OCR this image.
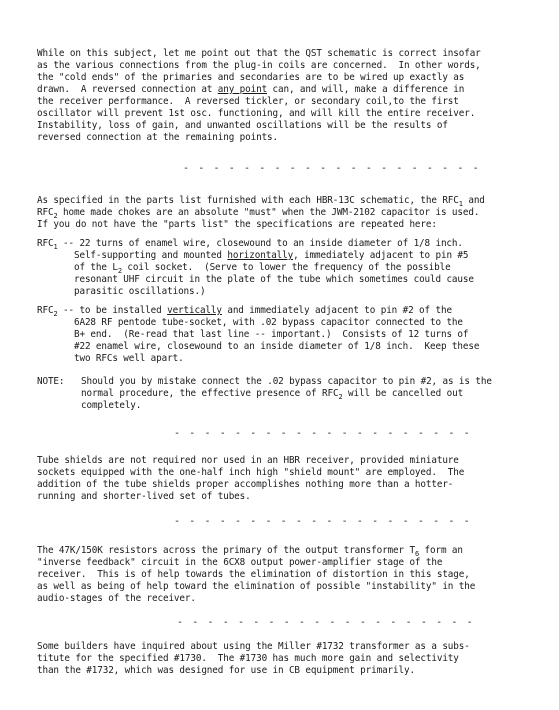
While on this subject, let me point out that the QST schematic is correct insofar
as the various connections from the plug-in coils are concerned.  In other words,
the "cold ends" of the primaries and secondaries are to be wired up exactly as
drawn.  A reversed connection at any point can, and will, make a difference in
the receiver performance.  A reversed tickler, or secondary coil,to the first
oscillator will prevent 1st osc. functioning, and will kill the entire receiver.
Instability, loss of gain, and unwanted oscillations will be the results of
reversed connection at the remaining points.
- - - - - - - - - - - - - - - - - - - -
As specified in the parts list furnished with each HBR-13C schematic, the $RFC_1$ and
$RFC_2$ home made chokes are an absolute "must" when the JWM-2102 capacitor is used.
If you do not have the "parts list" the specifications are repeated here:
$RFC_1 -- 22$ turns of enamel wire, closewound to an inside diameter of 1/8 inch.
Self-supporting and mounted horizontally, immediately adjacent to pin #5
of the $L_2$ coil socket.  (Serve to lower the frequency of the possible
resonant UHF circuit in the plate of the tube which sometimes could cause
parasitic oscillations.)
$RFC_2$ -- to be installed vertically and immediately adjacent to pin #2 of the
6A28 RF pentode tube-socket, with .02 bypass capacitor connected to the
B+ end.  (Re-read that last line -- important.)  Consists of 12 turns of
#22 enamel wire, closewound to an inside diameter of 1/8 inch.  Keep these
two RFCs well apart.
NOTE: Should you by mistake connect the .02 bypass capacitor to pin #2, as is the
normal procedure, the effective presence of $RFC_2$ will be cancelled out
completely.
- - - - - - - - - - - - - - - - - - - -
Tube shields are not required nor used in an HBR receiver, provided miniature
sockets equipped with the one-half inch high "shield mount" are employed.  The
addition of the tube shields proper accomplishes nothing more than a hotter-
running and shorter-lived set of tubes.
- - - - - - - - - - - - - - - - - - - -
The 47K/150K resistors across the primary of the output transformer $T_6$ form an
"inverse feedback" circuit in the 6CX8 output power-amplifier stage of the
receiver.  This is of help towards the elimination of distortion in this stage,
as well as being of help toward the elimination of possible "instability" in the
audio-stages of the receiver.
- - - - - - - - - - - - - - - - - - - -
Some builders have inquired about using the Miller #1732 transformer as a subs-
titute for the specified #1730.  The #1730 has much more gain and selectivity
than the #1732, which was designed for use in CB equipment primarily.
